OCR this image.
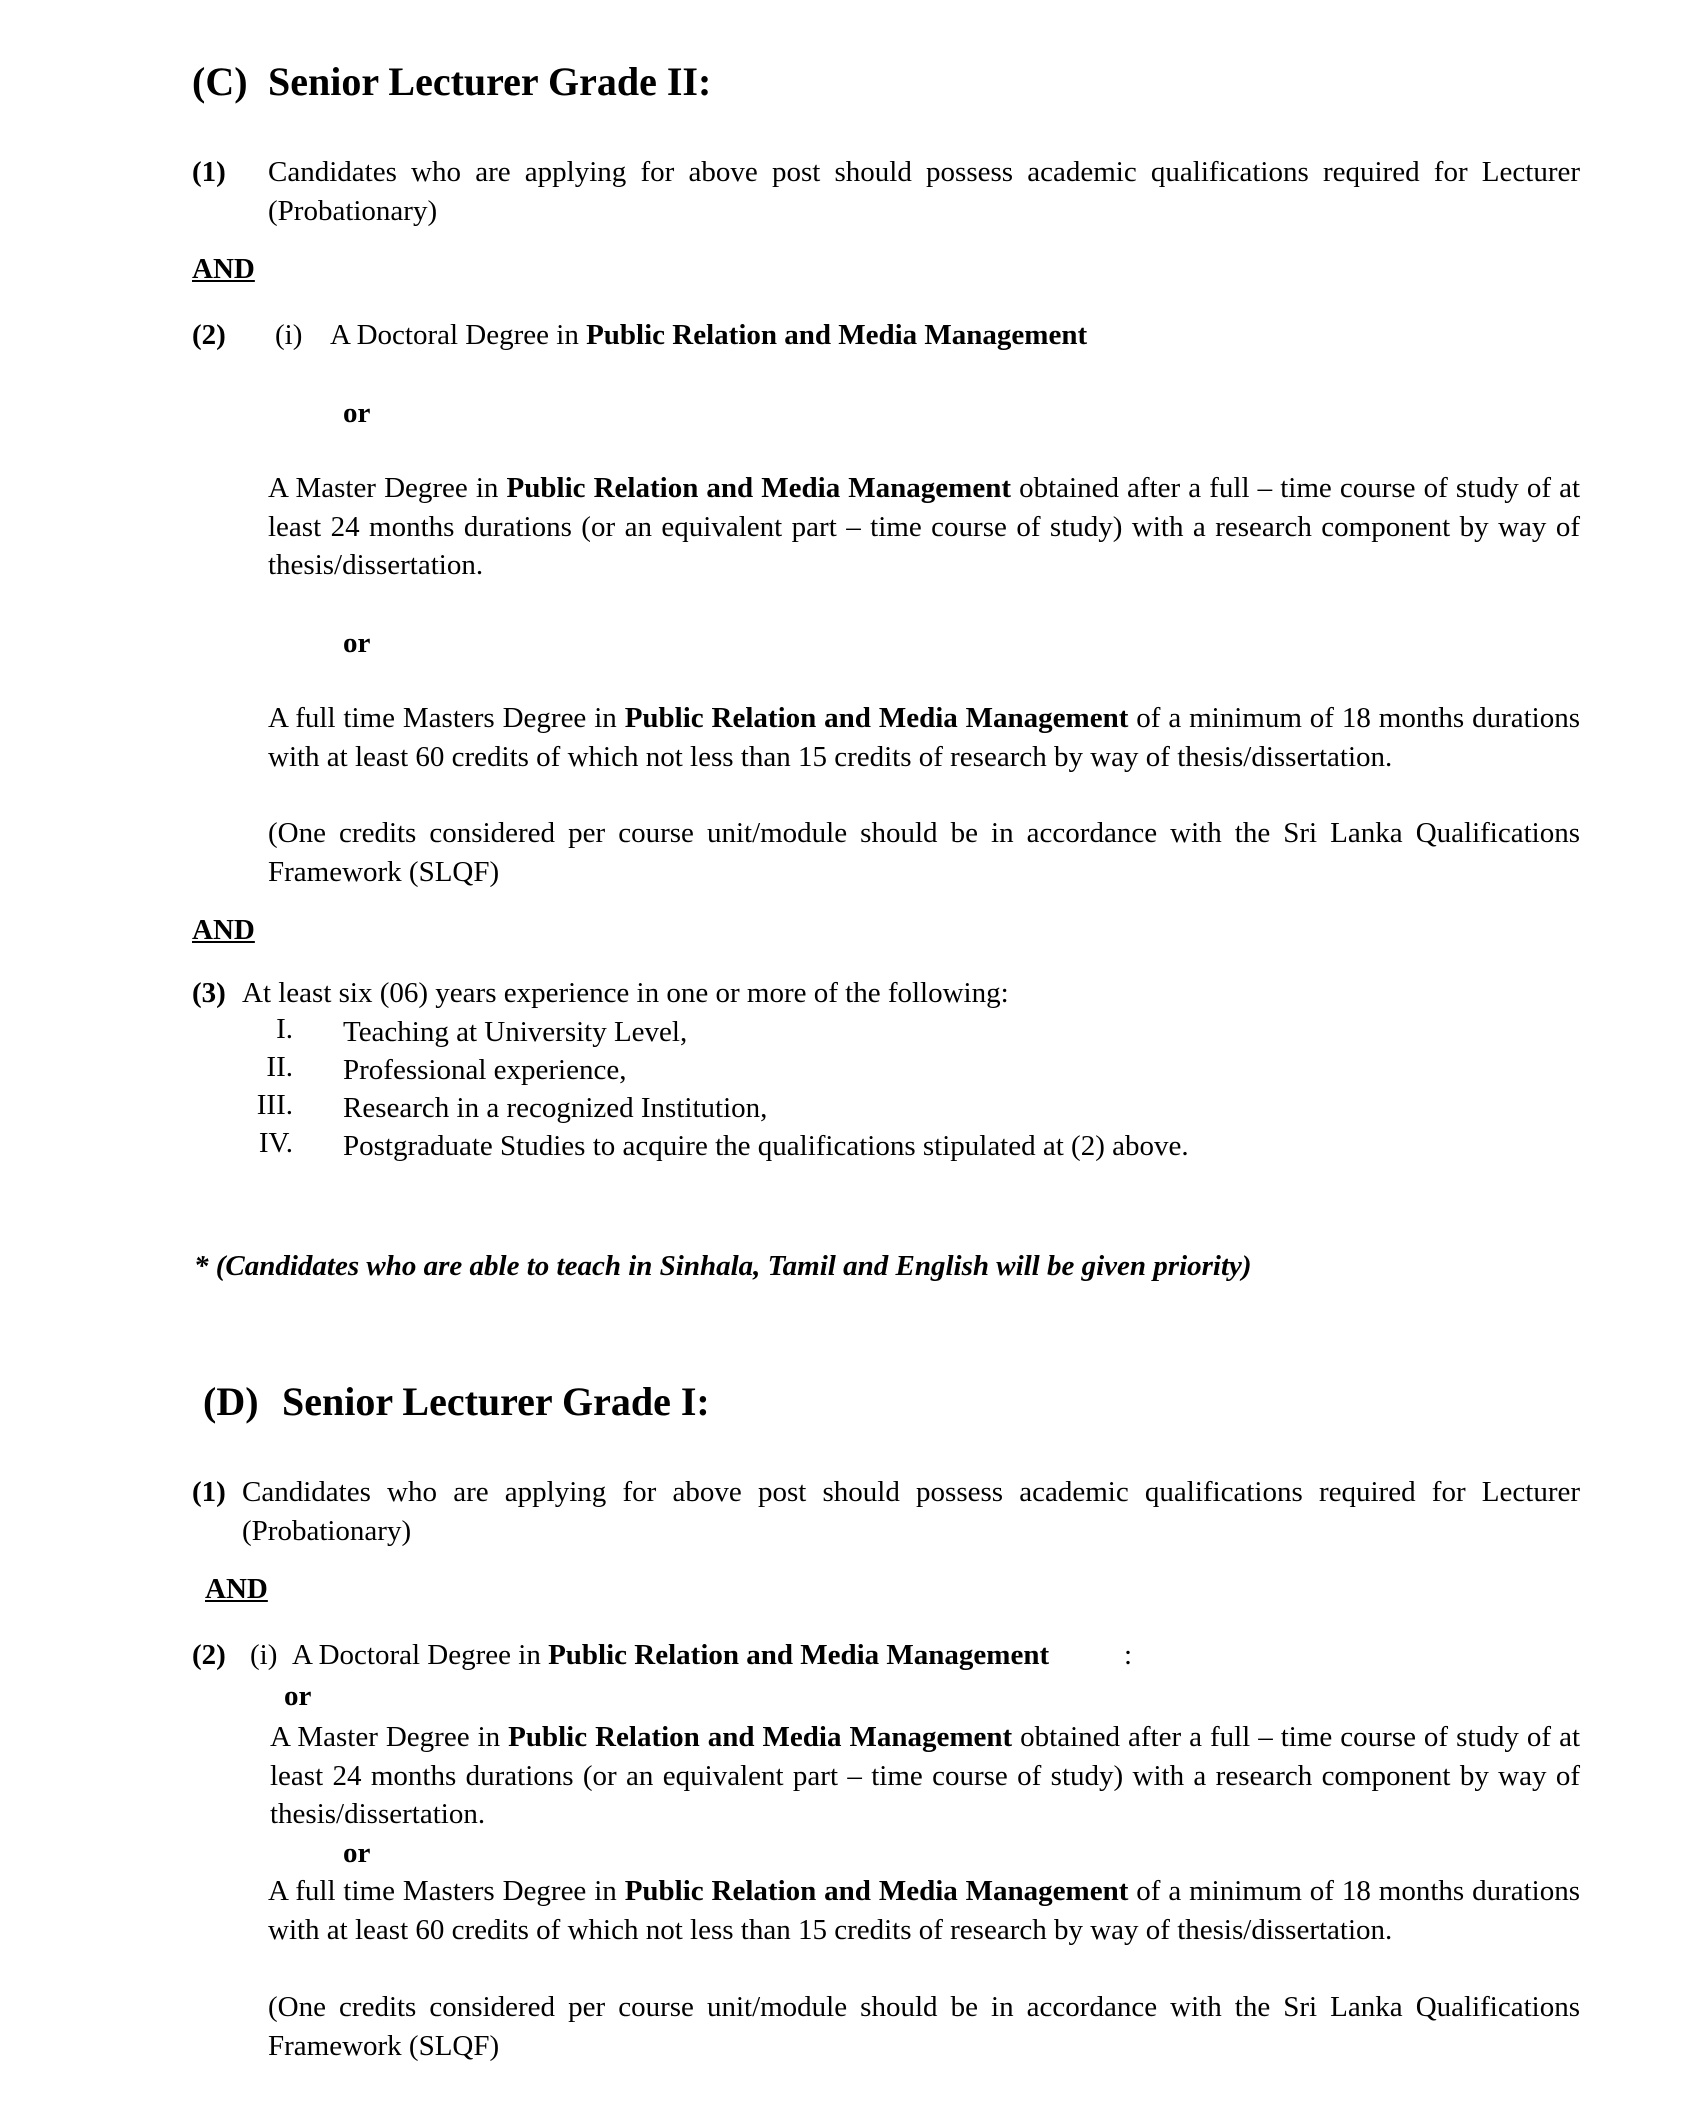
(C) Senior Lecturer Grade II:
(1) Candidates who are applying for above post should possess academic qualifications required for Lecturer (Probationary)
AND
(2) (i) A Doctoral Degree in Public Relation and Media Management
or
A Master Degree in Public Relation and Media Management obtained after a full – time course of study of at least 24 months durations (or an equivalent part – time course of study) with a research component by way of thesis/dissertation.
or
A full time Masters Degree in Public Relation and Media Management of a minimum of 18 months durations with at least 60 credits of which not less than 15 credits of research by way of thesis/dissertation.
(One credits considered per course unit/module should be in accordance with the Sri Lanka Qualifications Framework (SLQF)
AND
(3) At least six (06) years experience in one or more of the following:
I. Teaching at University Level,
II. Professional experience,
III. Research in a recognized Institution,
IV. Postgraduate Studies to acquire the qualifications stipulated at (2) above.
* (Candidates who are able to teach in Sinhala, Tamil and English will be given priority)
(D) Senior Lecturer Grade I:
(1) Candidates who are applying for above post should possess academic qualifications required for Lecturer (Probationary)
AND
(2) (i) A Doctoral Degree in Public Relation and Media Management	:
or
A Master Degree in Public Relation and Media Management obtained after a full – time course of study of at least 24 months durations (or an equivalent part – time course of study) with a research component by way of thesis/dissertation.
or
A full time Masters Degree in Public Relation and Media Management of a minimum of 18 months durations with at least 60 credits of which not less than 15 credits of research by way of thesis/dissertation.
(One credits considered per course unit/module should be in accordance with the Sri Lanka Qualifications Framework (SLQF)
